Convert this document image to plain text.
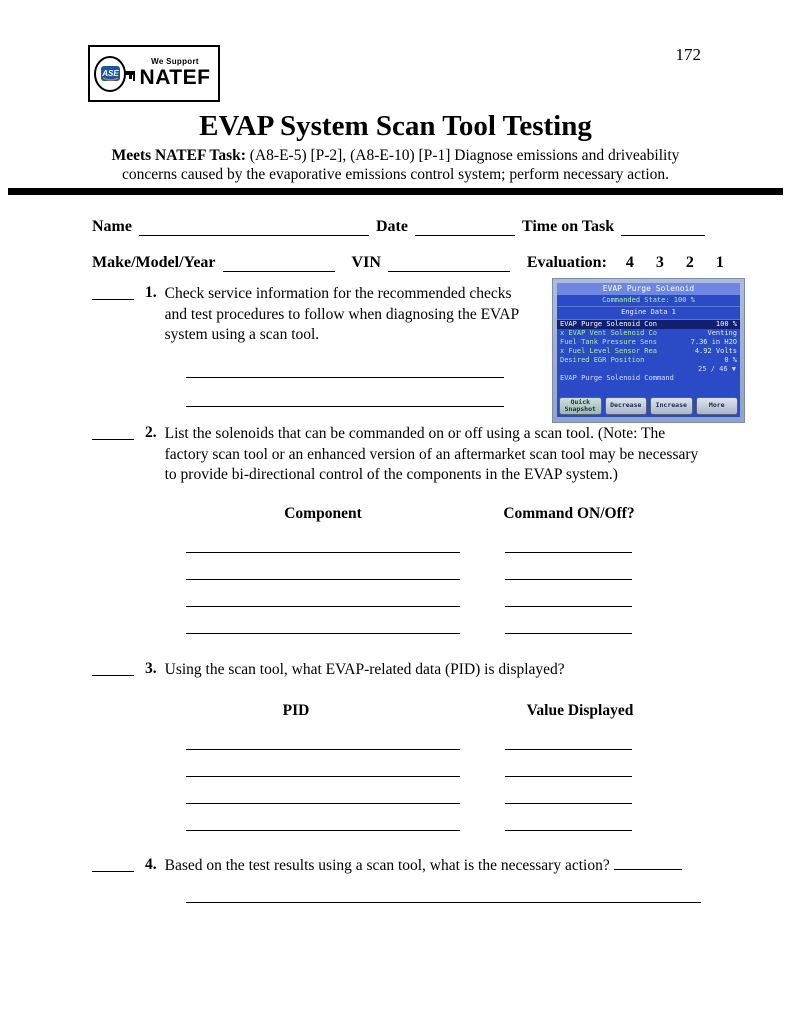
ASE
We Support
NATEF
172
EVAP System Scan Tool Testing

Meets NATEF Task: (A8-E-5) [P-2], (A8-E-10) [P-1] Diagnose emissions and driveability concerns caused by the evaporative emissions control system; perform necessary action.

Name	Date	Time on Task
Make/Model/Year	VIN	Evaluation: 4 3 2 1
1. Check service information for the recommended checks and test procedures to follow when diagnosing the EVAP system using a scan tool.
EVAP Purge Solenoid
Commanded State: 100 %
Engine Data 1
EVAP Purge Solenoid Con	100 %
x EVAP Vent Solenoid Co	Venting
Fuel Tank Pressure Sens	7.36 in H2O
x Fuel Level Sensor Rea	4.92 Volts
Desired EGR Position	0 %
25 / 46 ▼
EVAP Purge Solenoid Command
Quick Snapshot	Decrease	Increase	More
2. List the solenoids that can be commanded on or off using a scan tool. (Note: The factory scan tool or an enhanced version of an aftermarket scan tool may be necessary to provide bi-directional control of the components in the EVAP system.)
Component	Command ON/Off?
3. Using the scan tool, what EVAP-related data (PID) is displayed?
PID	Value Displayed
4. Based on the test results using a scan tool, what is the necessary action?
